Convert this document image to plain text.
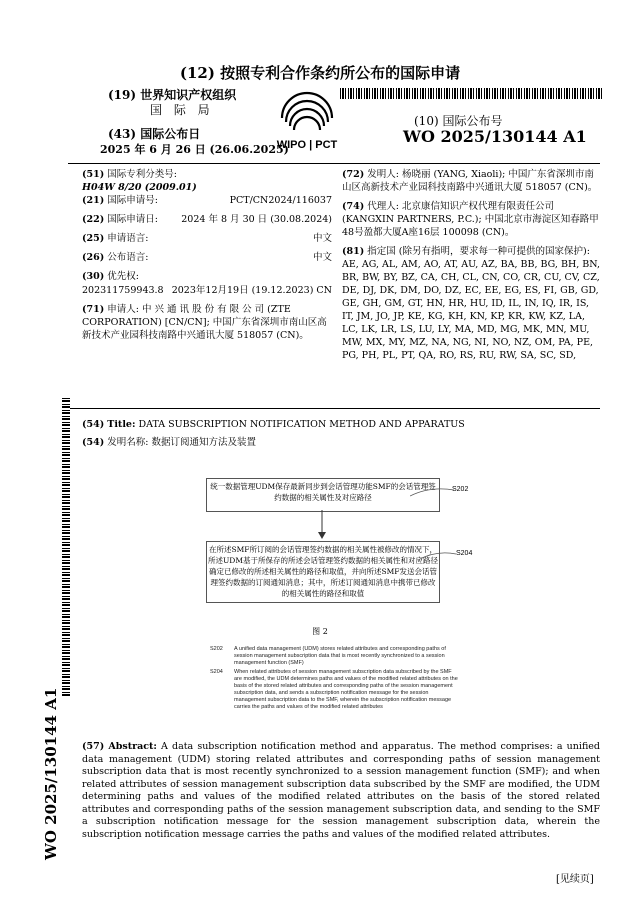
(12) 按照专利合作条约所公布的国际申请
(19) 世界知识产权组织
国 际 局
(43) 国际公布日
2025 年 6 月 26 日 (26.06.2025)
WIPO | PCT
(10) 国际公布号
WO 2025/130144 A1
(51) 国际专利分类号:
H04W 8/20 (2009.01)
(21) 国际申请号:	PCT/CN2024/116037
(22) 国际申请日: 2024 年 8 月 30 日 (30.08.2024)
(25) 申请语言:	中文
(26) 公布语言:	中文
(30) 优先权:
202311759943.8 2023年12月19日 (19.12.2023) CN
(71) 申请人: 中 兴 通 讯 股 份 有 限 公 司 (ZTE CORPORATION) [CN/CN]; 中国广东省深圳市南山区高新技术产业园科技南路中兴通讯大厦 518057 (CN)。
(72) 发明人: 杨晓丽 (YANG, Xiaoli); 中国广东省深圳市南山区高新技术产业园科技南路中兴通讯大厦 518057 (CN)。
(74) 代理人: 北京康信知识产权代理有限责任公司 (KANGXIN PARTNERS, P.C.); 中国北京市海淀区知春路甲48号盈都大厦A座16层 100098 (CN)。
(81) 指定国 (除另有指明，要求每一种可提供的国家保护): AE, AG, AL, AM, AO, AT, AU, AZ, BA, BB, BG, BH, BN, BR, BW, BY, BZ, CA, CH, CL, CN, CO, CR, CU, CV, CZ, DE, DJ, DK, DM, DO, DZ, EC, EE, EG, ES, FI, GB, GD, GE, GH, GM, GT, HN, HR, HU, ID, IL, IN, IQ, IR, IS, IT, JM, JO, JP, KE, KG, KH, KN, KP, KR, KW, KZ, LA, LC, LK, LR, LS, LU, LY, MA, MD, MG, MK, MN, MU, MW, MX, MY, MZ, NA, NG, NI, NO, NZ, OM, PA, PE, PG, PH, PL, PT, QA, RO, RS, RU, RW, SA, SC, SD,
WO 2025/130144 A1
(54) Title: DATA SUBSCRIPTION NOTIFICATION METHOD AND APPARATUS
(54) 发明名称: 数据订阅通知方法及装置
统一数据管理UDM保存最新同步到会话管理功能SMF的会话管理签约数据的相关属性及对应路径
S202
在所述SMF所订阅的会话管理签约数据的相关属性被修改的情况下，所述UDM基于所保存的所述会话管理签约数据的相关属性和对应路径确定已修改的所述相关属性的路径和取值，并向所述SMF发送会话管理签约数据的订阅通知消息；其中，所述订阅通知消息中携带已修改的相关属性的路径和取值
S204
图 2
S202	A unified data management (UDM) stores related attributes and corresponding paths of session management subscription data that is most recently synchronized to a session management function (SMF)
S204	When related attributes of session management subscription data subscribed by the SMF are modified, the UDM determines paths and values of the modified related attributes on the basis of the stored related attributes and corresponding paths of the session management subscription data, and sends a subscription notification message for the session management subscription data to the SMF, wherein the subscription notification message carries the paths and values of the modified related attributes
(57) Abstract: A data subscription notification method and apparatus. The method comprises: a unified data management (UDM) storing related attributes and corresponding paths of session management subscription data that is most recently synchronized to a session management function (SMF); and when related attributes of session management subscription data subscribed by the SMF are modified, the UDM determining paths and values of the modified related attributes on the basis of the stored related attributes and corresponding paths of the session management subscription data, and sending to the SMF a subscription notification message for the session management subscription data, wherein the subscription notification message carries the paths and values of the modified related attributes.
[见续页]
